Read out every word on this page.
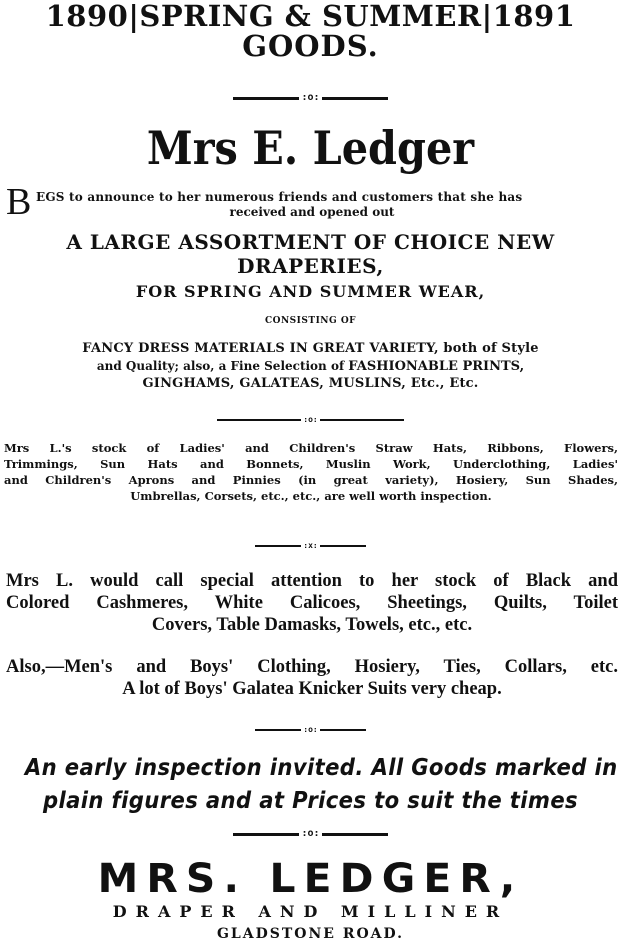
1890|SPRING & SUMMER|1891
GOODS.
:o:
Mrs E. Ledger
B EGS to announce to her numerous friends and customers that she has
received and opened out
A LARGE ASSORTMENT OF CHOICE NEW
DRAPERIES,
FOR SPRING AND SUMMER WEAR,
CONSISTING OF
FANCY DRESS MATERIALS IN GREAT VARIETY, both of Style
and Quality; also, a Fine Selection of FASHIONABLE PRINTS,
GINGHAMS, GALATEAS, MUSLINS, Etc., Etc.
:o:
Mrs L.'s stock of Ladies' and Children's Straw Hats, Ribbons, Flowers,
Trimmings, Sun Hats and Bonnets, Muslin Work, Underclothing, Ladies'
and Children's Aprons and Pinnies (in great variety), Hosiery, Sun Shades,
Umbrellas, Corsets, etc., etc., are well worth inspection.
:x:
Mrs L. would call special attention to her stock of Black and
Colored Cashmeres, White Calicoes, Sheetings, Quilts, Toilet
Covers, Table Damasks, Towels, etc., etc.
Also,—Men's and Boys' Clothing, Hosiery, Ties, Collars, etc.
A lot of Boys' Galatea Knicker Suits very cheap.
:o:
An early inspection invited. All Goods marked in
plain figures and at Prices to suit the times
:o:
MRS. LEDGER,
DRAPER AND MILLINER
GLADSTONE ROAD.
